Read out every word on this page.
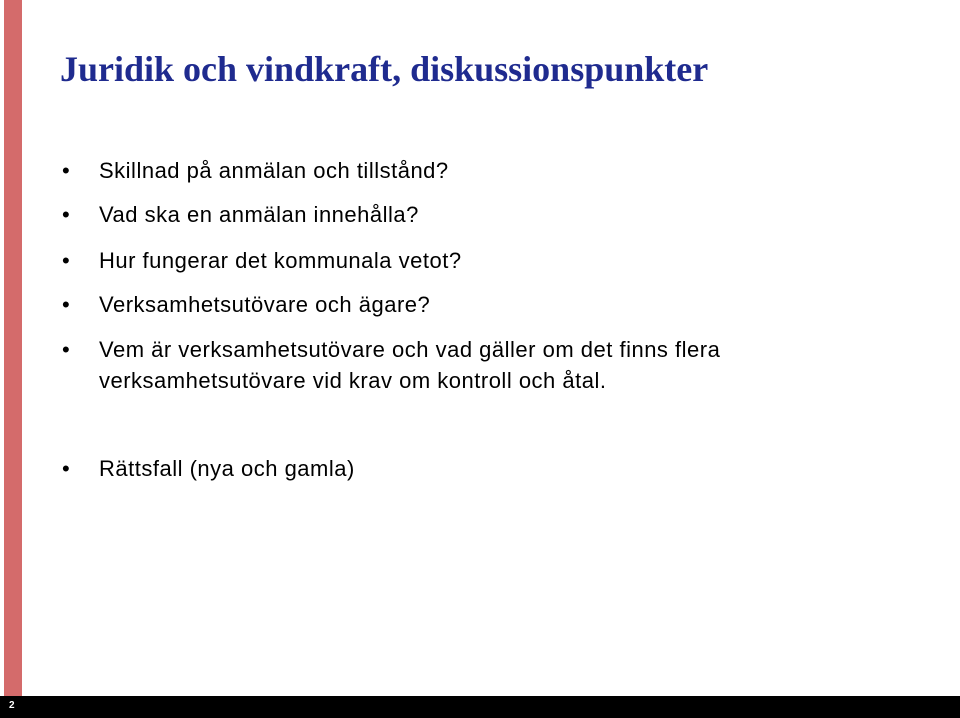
Juridik och vindkraft, diskussionspunkter
• Skillnad på anmälan och tillstånd?
• Vad ska en anmälan innehålla?
• Hur fungerar det kommunala vetot?
• Verksamhetsutövare och ägare?
• Vem är verksamhetsutövare och vad gäller om det finns flera
verksamhetsutövare vid krav om kontroll och åtal.
• Rättsfall (nya och gamla)
2
